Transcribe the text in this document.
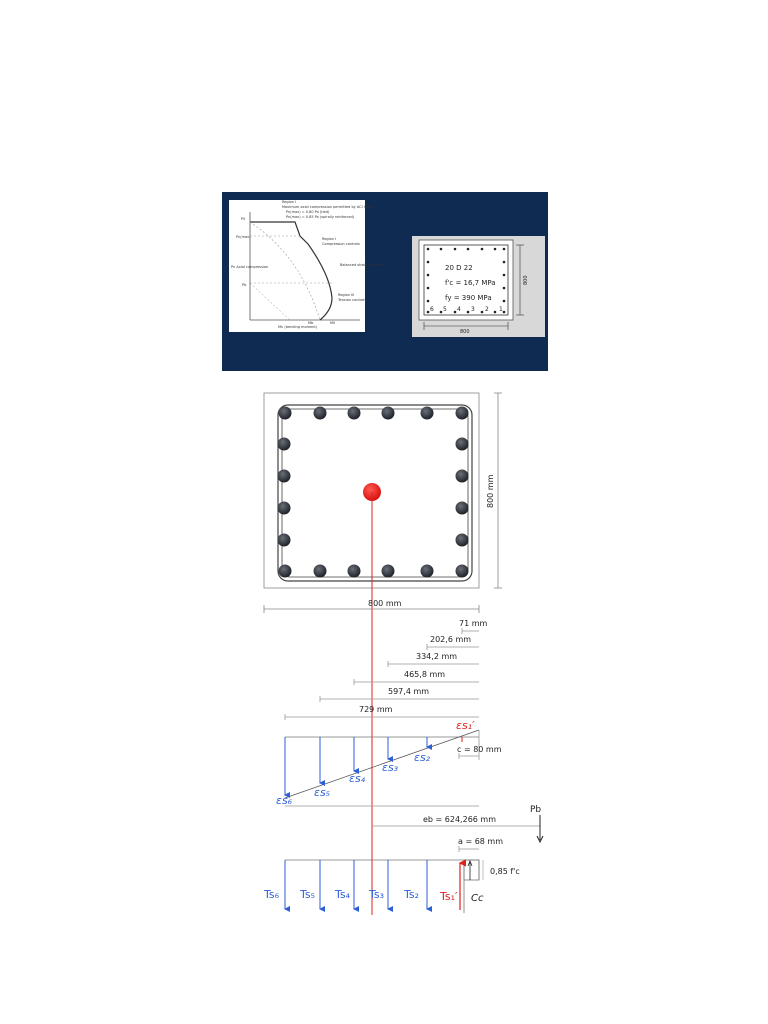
Region I
Maximum axial compression permitted by ACI Code
Pn(max) = 0.80 Po (tied)
Pn(max) = 0.85 Po (spirally reinforced)
Region I
Compression controls
Balanced strain condition
Region III
Tension controls
Pn Axial compression
Mn (bending moment)
P0
Pn(max)
Pb
Mb	M0
20 D 22
f'c = 16,7 MPa
fy = 390 MPa
6 5 4 3 2 1
800
800
800 mm
800 mm
71 mm
202,6 mm
334,2 mm
465,8 mm
597,4 mm
729 mm
εs₁′
εs₂
εs₃
εs₄
εs₅
εs₆
c = 80 mm
Pb
eb = 624,266 mm
a = 68 mm
0,85 f'c
Ts₁′
Ts₂
Ts₃
Ts₄
Ts₅
Ts₆	Cc
